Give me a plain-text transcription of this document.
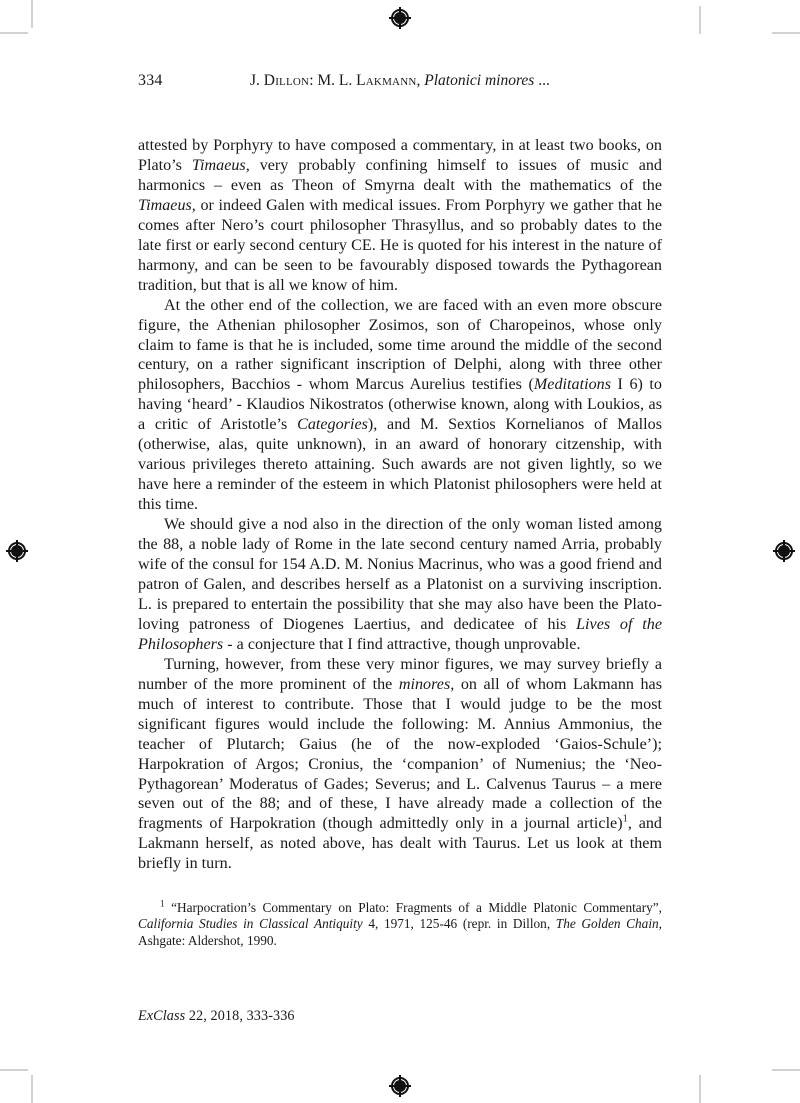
334	J. Dillon: M. L. Lakmann, Platonici minores ...

attested by Porphyry to have composed a commentary, in at least two books, on Plato’s Timaeus, very probably confining himself to issues of music and harmonics – even as Theon of Smyrna dealt with the mathematics of the Timaeus, or indeed Galen with medical issues. From Porphyry we gather that he comes after Nero’s court philosopher Thrasyllus, and so probably dates to the late first or early second century CE. He is quoted for his interest in the nature of harmony, and can be seen to be favourably disposed towards the Pythagorean tradition, but that is all we know of him.

At the other end of the collection, we are faced with an even more obscure figure, the Athenian philosopher Zosimos, son of Charopeinos, whose only claim to fame is that he is included, some time around the middle of the second century, on a rather significant inscription of Delphi, along with three other philosophers, Bacchios - whom Marcus Aurelius testifies (Meditations I 6) to having ‘heard’ - Klaudios Nikostratos (otherwise known, along with Loukios, as a critic of Aristotle’s Categories), and M. Sextios Kornelianos of Mallos (otherwise, alas, quite unknown), in an award of honorary citzenship, with various privileges thereto attaining. Such awards are not given lightly, so we have here a reminder of the esteem in which Platonist philosophers were held at this time.

We should give a nod also in the direction of the only woman listed among the 88, a noble lady of Rome in the late second century named Arria, probably wife of the consul for 154 A.D. M. Nonius Macrinus, who was a good friend and patron of Galen, and describes herself as a Platonist on a surviving inscription. L. is prepared to entertain the possibility that she may also have been the Plato-loving patroness of Diogenes Laertius, and dedicatee of his Lives of the Philosophers - a conjecture that I find attractive, though unprovable.

Turning, however, from these very minor figures, we may survey briefly a number of the more prominent of the minores, on all of whom Lakmann has much of interest to contribute. Those that I would judge to be the most significant figures would include the following: M. Annius Ammonius, the teacher of Plutarch; Gaius (he of the now-exploded ‘Gaios-Schule’); Harpokration of Argos; Cronius, the ‘companion’ of Numenius; the ‘Neo-Pythagorean’ Moderatus of Gades; Severus; and L. Calvenus Taurus – a mere seven out of the 88; and of these, I have already made a collection of the fragments of Harpokration (though admittedly only in a journal article)$^1$, and Lakmann herself, as noted above, has dealt with Taurus. Let us look at them briefly in turn.

$^1$ “Harpocration’s Commentary on Plato: Fragments of a Middle Platonic Commentary”, California Studies in Classical Antiquity 4, 1971, 125-46 (repr. in Dillon, The Golden Chain, Ashgate: Aldershot, 1990.

ExClass 22, 2018, 333-336
